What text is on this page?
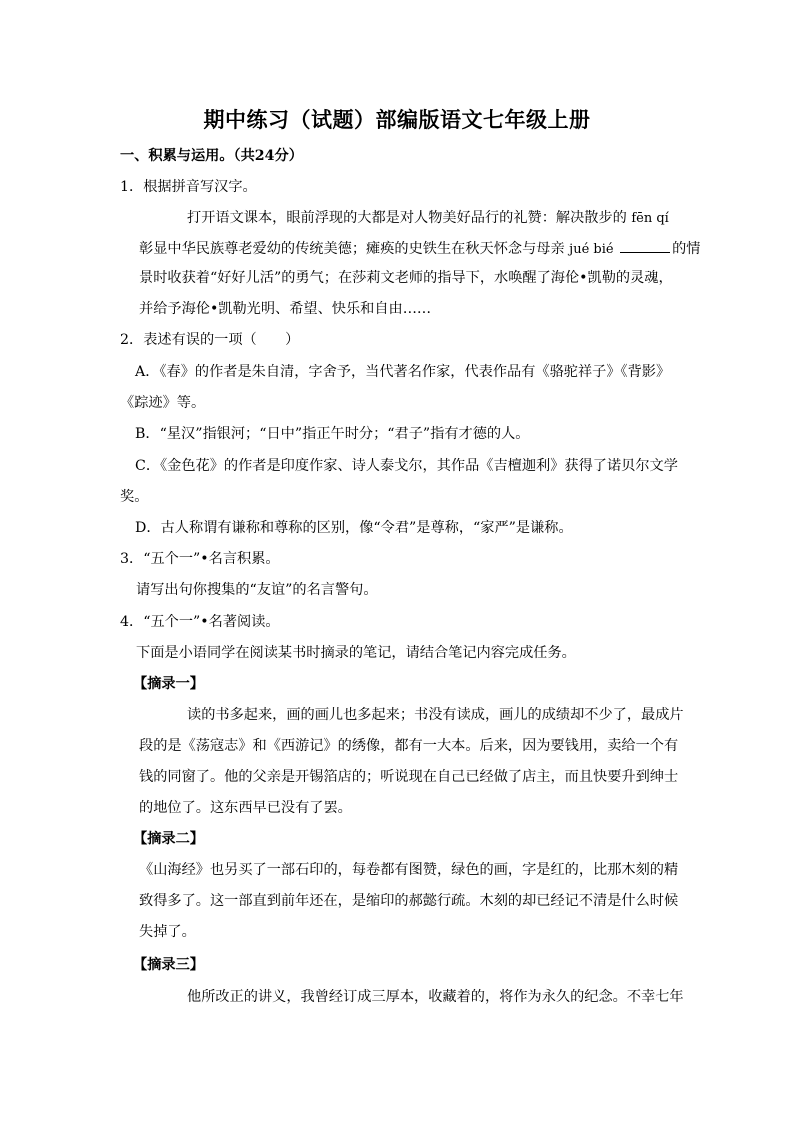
期中练习（试题）部编版语文七年级上册
一、积累与运用。（共24分）
1．根据拼音写汉字。
打开语文课本，眼前浮现的大都是对人物美好品行的礼赞：解决散步的 fēn qí
彰显中华民族尊老爱幼的传统美德；瘫痪的史铁生在秋天怀念与母亲 jué bié	的情
景时收获着“好好儿活”的勇气；在莎莉文老师的指导下，水唤醒了海伦•凯勒的灵魂，
并给予海伦•凯勒光明、希望、快乐和自由……
2．表述有误的一项（　　）
A．《春》的作者是朱自清，字舍予，当代著名作家，代表作品有《骆驼祥子》《背影》
《踪迹》等。
B．“星汉”指银河；“日中”指正午时分；“君子”指有才德的人。
C．《金色花》的作者是印度作家、诗人泰戈尔，其作品《吉檀迦利》获得了诺贝尔文学
奖。
D．古人称谓有谦称和尊称的区别，像“令君”是尊称，“家严”是谦称。
3．“五个一”•名言积累。
请写出句你搜集的“友谊”的名言警句。
4．“五个一”•名著阅读。
下面是小语同学在阅读某书时摘录的笔记，请结合笔记内容完成任务。
【摘录一】
读的书多起来，画的画儿也多起来；书没有读成，画儿的成绩却不少了，最成片
段的是《荡寇志》和《西游记》的绣像，都有一大本。后来，因为要钱用，卖给一个有
钱的同窗了。他的父亲是开锡箔店的；听说现在自己已经做了店主，而且快要升到绅士
的地位了。这东西早已没有了罢。
【摘录二】
《山海经》也另买了一部石印的，每卷都有图赞，绿色的画，字是红的，比那木刻的精
致得多了。这一部直到前年还在，是缩印的郝懿行疏。木刻的却已经记不清是什么时候
失掉了。
【摘录三】
他所改正的讲义，我曾经订成三厚本，收藏着的，将作为永久的纪念。不幸七年
